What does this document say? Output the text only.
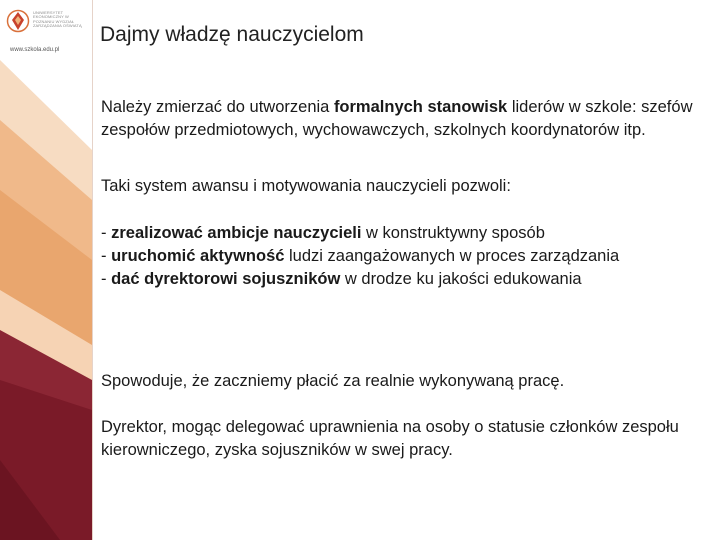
UNIWERSYTET EKONOMICZNY W POZNANIU WYDZIAŁ ZARZĄDZANIA OŚWIATĄ
www.szkola.edu.pl
Dajmy władzę nauczycielom

Należy zmierzać do utworzenia formalnych stanowisk liderów w szkole: szefów zespołów przedmiotowych, wychowawczych, szkolnych koordynatorów itp.

Taki system awansu i motywowania nauczycieli pozwoli:

- zrealizować ambicje nauczycieli w konstruktywny sposób
- uruchomić aktywność ludzi zaangażowanych w proces zarządzania
- dać dyrektorowi sojuszników w drodze ku jakości edukowania

Spowoduje, że zaczniemy płacić za realnie wykonywaną pracę.

Dyrektor, mogąc delegować uprawnienia na osoby o statusie członków zespołu kierowniczego, zyska sojuszników w swej pracy.
